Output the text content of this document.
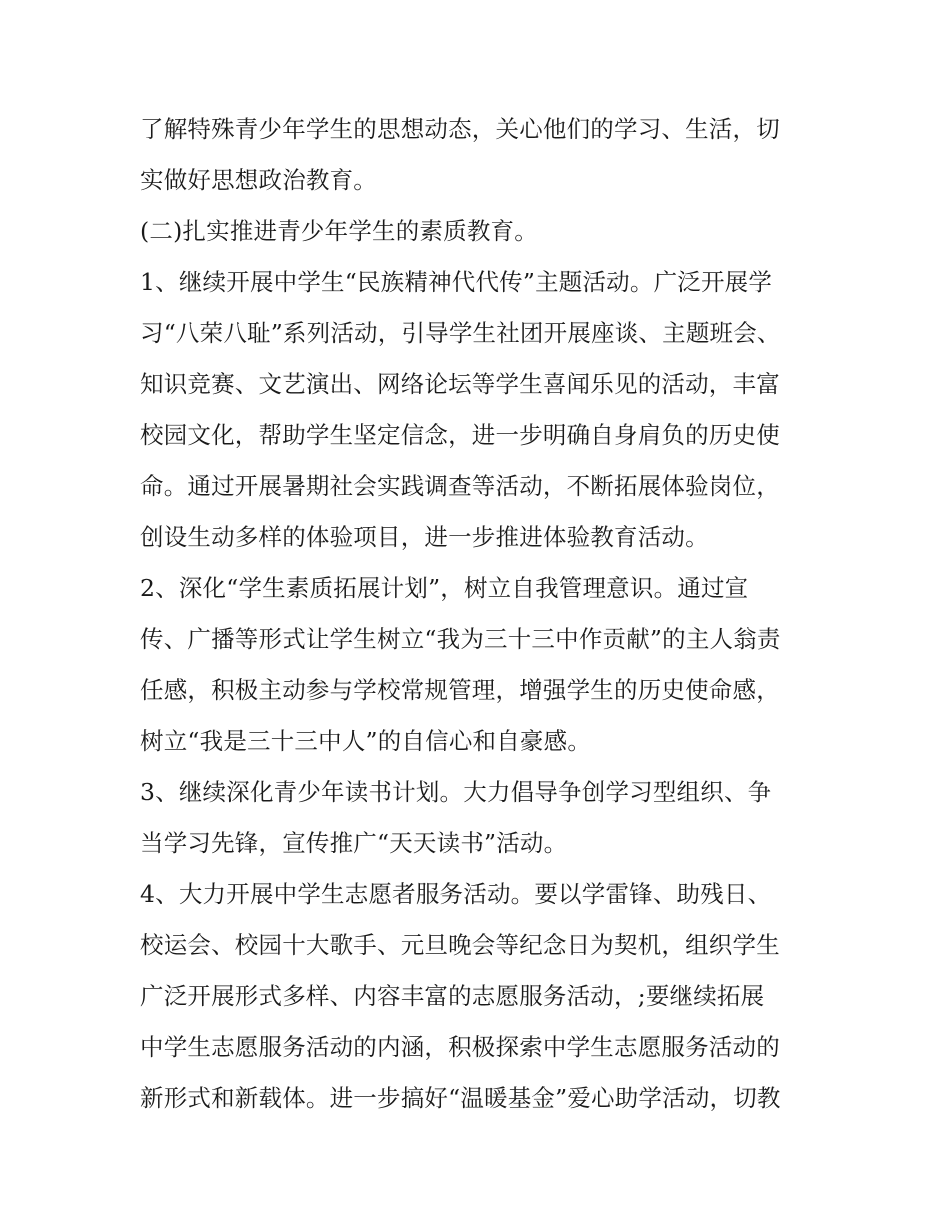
了解特殊青少年学生的思想动态，关心他们的学习、生活，切
实做好思想政治教育。
(二)扎实推进青少年学生的素质教育。
1、继续开展中学生“民族精神代代传”主题活动。广泛开展学
习“八荣八耻”系列活动，引导学生社团开展座谈、主题班会、
知识竞赛、文艺演出、网络论坛等学生喜闻乐见的活动，丰富
校园文化，帮助学生坚定信念，进一步明确自身肩负的历史使
命。通过开展暑期社会实践调查等活动，不断拓展体验岗位，
创设生动多样的体验项目，进一步推进体验教育活动。
2、深化“学生素质拓展计划”，树立自我管理意识。通过宣
传、广播等形式让学生树立“我为三十三中作贡献”的主人翁责
任感，积极主动参与学校常规管理，增强学生的历史使命感，
树立“我是三十三中人”的自信心和自豪感。
3、继续深化青少年读书计划。大力倡导争创学习型组织、争
当学习先锋，宣传推广“天天读书”活动。
4、大力开展中学生志愿者服务活动。要以学雷锋、助残日、
校运会、校园十大歌手、元旦晚会等纪念日为契机，组织学生
广泛开展形式多样、内容丰富的志愿服务活动，;要继续拓展
中学生志愿服务活动的内涵，积极探索中学生志愿服务活动的
新形式和新载体。进一步搞好“温暖基金”爱心助学活动，切教
